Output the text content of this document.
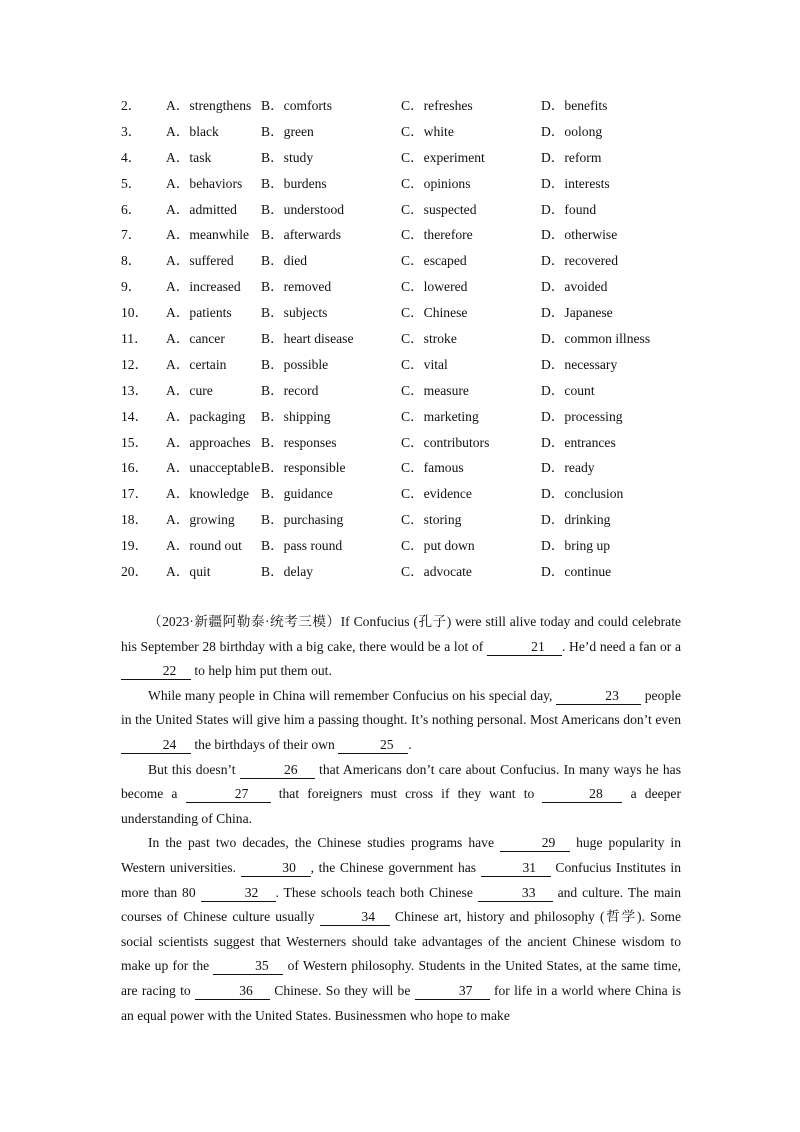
2． A．strengthens B．comforts	C．refreshes	D．benefits
3． A．black	B．green	C．white	D．oolong
4． A．task	B．study	C．experiment	D．reform
5． A．behaviors B．burdens	C．opinions	D．interests
6． A．admitted B．understood	C．suspected	D．found
7． A．meanwhile B．afterwards	C．therefore	D．otherwise
8． A．suffered B．died	C．escaped	D．recovered
9． A．increased B．removed	C．lowered	D．avoided
10． A．patients B．subjects	C．Chinese	D．Japanese
11． A．cancer	B．heart disease	C．stroke	D．common illness
12． A．certain	B．possible	C．vital	D．necessary
13． A．cure	B．record	C．measure	D．count
14． A．packaging B．shipping	C．marketing	D．processing
15． A．approaches B．responses	C．contributors	D．entrances
16． A．unacceptable B．responsible	C．famous	D．ready
17． A．knowledge B．guidance	C．evidence	D．conclusion
18． A．growing B．purchasing	C．storing	D．drinking
19． A．round out B．pass round	C．put down	D．bring up
20． A．quit	B．delay	C．advocate	D．continue

（2023·新疆阿勒泰·统考三模）If Confucius (孔子) were still alive today and could celebrate his September 28 birthday with a big cake, there would be a lot of	21 . He’d need a fan or a 22 to help him put them out.

While many people in China will remember Confucius on his special day,	23 people in the United States will give him a passing thought. It’s nothing personal. Most Americans don’t even 24 the birthdays of their own	25 .

But this doesn’t	26 that Americans don’t care about Confucius. In many ways he has become a	27 that foreigners must cross if they want to	28 a deeper understanding of China.

In the past two decades, the Chinese studies programs have	29 huge popularity in Western universities.	30 , the Chinese government has	31 Confucius Institutes in more than 80	32 . These schools teach both Chinese	33 and culture. The main courses of Chinese culture usually	34 Chinese art, history and philosophy (哲学). Some social scientists suggest that Westerners should take advantages of the ancient Chinese wisdom to make up for the	35 of Western philosophy. Students in the United States, at the same time, are racing to	36 Chinese. So they will be	37 for life in a world where China is an equal power with the United States. Businessmen who hope to make
